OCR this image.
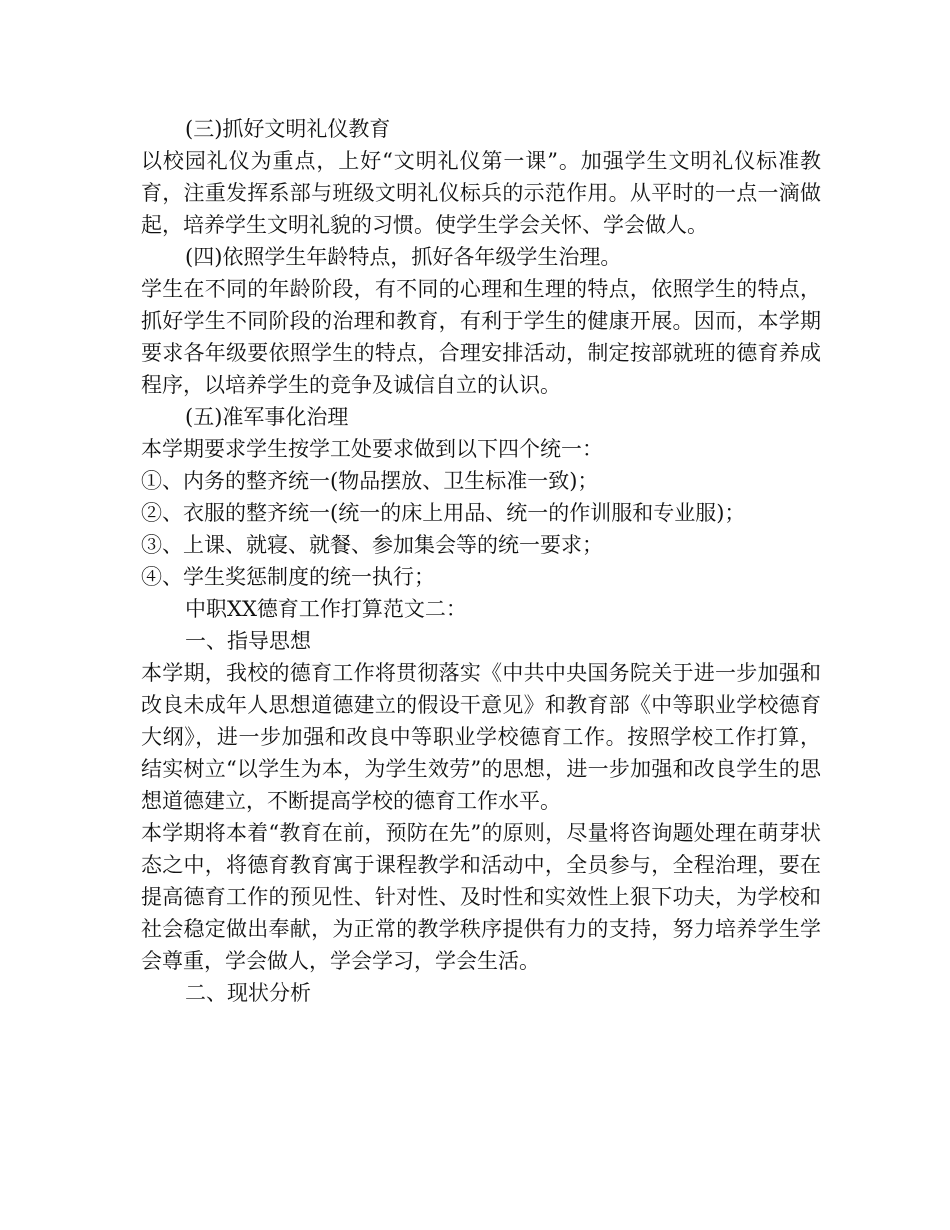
(三)抓好文明礼仪教育
以校园礼仪为重点，上好“文明礼仪第一课”。加强学生文明礼仪标准教育，注重发挥系部与班级文明礼仪标兵的示范作用。从平时的一点一滴做起，培养学生文明礼貌的习惯。使学生学会关怀、学会做人。
(四)依照学生年龄特点，抓好各年级学生治理。
学生在不同的年龄阶段，有不同的心理和生理的特点，依照学生的特点，抓好学生不同阶段的治理和教育，有利于学生的健康开展。因而，本学期要求各年级要依照学生的特点，合理安排活动，制定按部就班的德育养成程序，以培养学生的竞争及诚信自立的认识。
(五)准军事化治理
本学期要求学生按学工处要求做到以下四个统一：
①、内务的整齐统一(物品摆放、卫生标准一致)；
②、衣服的整齐统一(统一的床上用品、统一的作训服和专业服)；
③、上课、就寝、就餐、参加集会等的统一要求；
④、学生奖惩制度的统一执行；
中职XX德育工作打算范文二：
一、指导思想
本学期，我校的德育工作将贯彻落实《中共中央国务院关于进一步加强和改良未成年人思想道德建立的假设干意见》和教育部《中等职业学校德育大纲》，进一步加强和改良中等职业学校德育工作。按照学校工作打算，结实树立“以学生为本，为学生效劳”的思想，进一步加强和改良学生的思想道德建立，不断提高学校的德育工作水平。
本学期将本着“教育在前，预防在先”的原则，尽量将咨询题处理在萌芽状态之中，将德育教育寓于课程教学和活动中，全员参与，全程治理，要在提高德育工作的预见性、针对性、及时性和实效性上狠下功夫，为学校和社会稳定做出奉献，为正常的教学秩序提供有力的支持，努力培养学生学会尊重，学会做人，学会学习，学会生活。
二、现状分析
